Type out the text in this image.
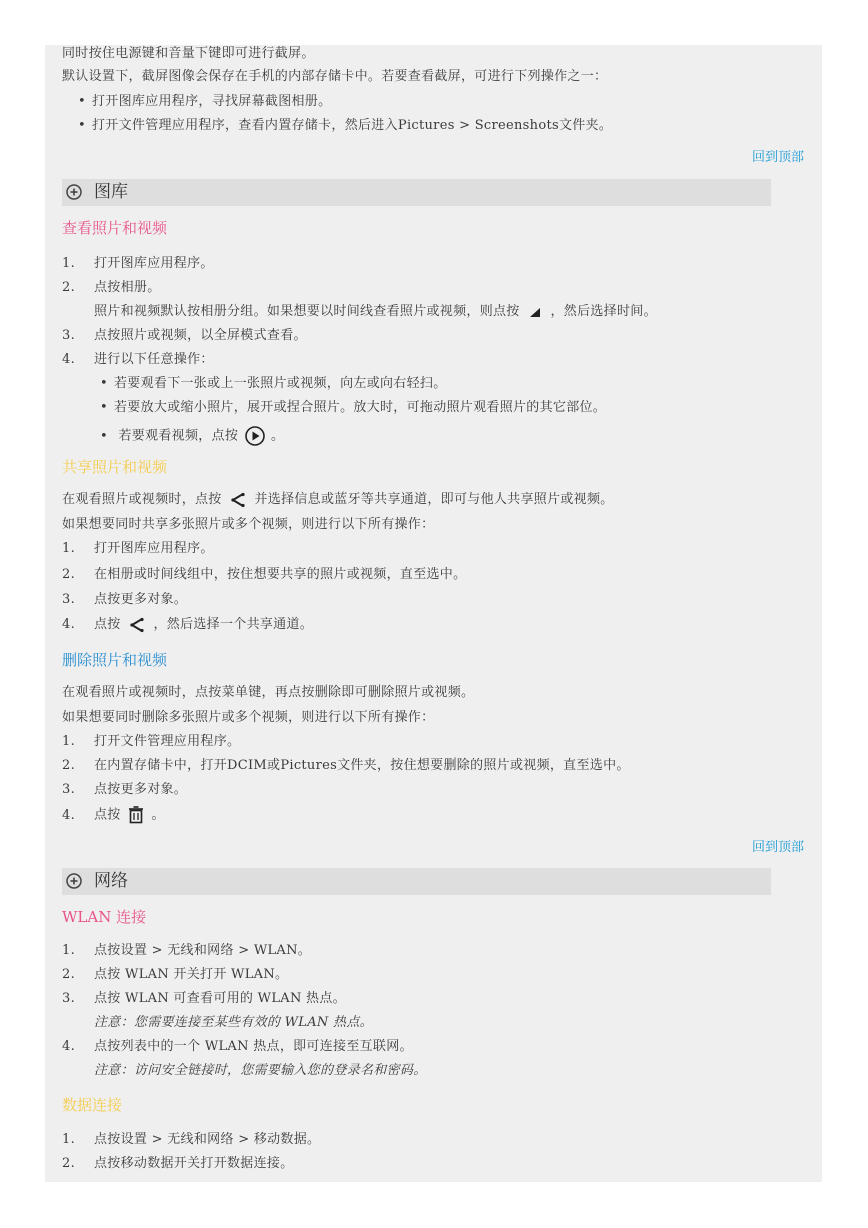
同时按住电源键和音量下键即可进行截屏。
默认设置下，截屏图像会保存在手机的内部存储卡中。若要查看截屏，可进行下列操作之一：
• 打开图库应用程序，寻找屏幕截图相册。
• 打开文件管理应用程序，查看内置存储卡，然后进入Pictures > Screenshots文件夹。
回到顶部
图库
查看照片和视频
1. 打开图库应用程序。
2. 点按相册。
照片和视频默认按相册分组。如果想要以时间线查看照片或视频，则点按 ，然后选择时间。
3. 点按照片或视频，以全屏模式查看。
4. 进行以下任意操作：
• 若要观看下一张或上一张照片或视频，向左或向右轻扫。
• 若要放大或缩小照片，展开或捏合照片。放大时，可拖动照片观看照片的其它部位。
• 若要观看视频，点按	。
共享照片和视频
在观看照片或视频时，点按	并选择信息或蓝牙等共享通道，即可与他人共享照片或视频。
如果想要同时共享多张照片或多个视频，则进行以下所有操作：
1. 打开图库应用程序。
2. 在相册或时间线组中，按住想要共享的照片或视频，直至选中。
3. 点按更多对象。
4. 点按	，然后选择一个共享通道。
删除照片和视频
在观看照片或视频时，点按菜单键，再点按删除即可删除照片或视频。
如果想要同时删除多张照片或多个视频，则进行以下所有操作：
1. 打开文件管理应用程序。
2. 在内置存储卡中，打开DCIM或Pictures文件夹，按住想要删除的照片或视频，直至选中。
3. 点按更多对象。
4. 点按 。
回到顶部
网络
WLAN 连接
1. 点按设置 > 无线和网络 > WLAN。
2. 点按 WLAN 开关打开 WLAN。
3. 点按 WLAN 可查看可用的 WLAN 热点。
注意：您需要连接至某些有效的 WLAN 热点。
4. 点按列表中的一个 WLAN 热点，即可连接至互联网。
注意：访问安全链接时，您需要输入您的登录名和密码。
数据连接
1. 点按设置 > 无线和网络 > 移动数据。
2. 点按移动数据开关打开数据连接。
